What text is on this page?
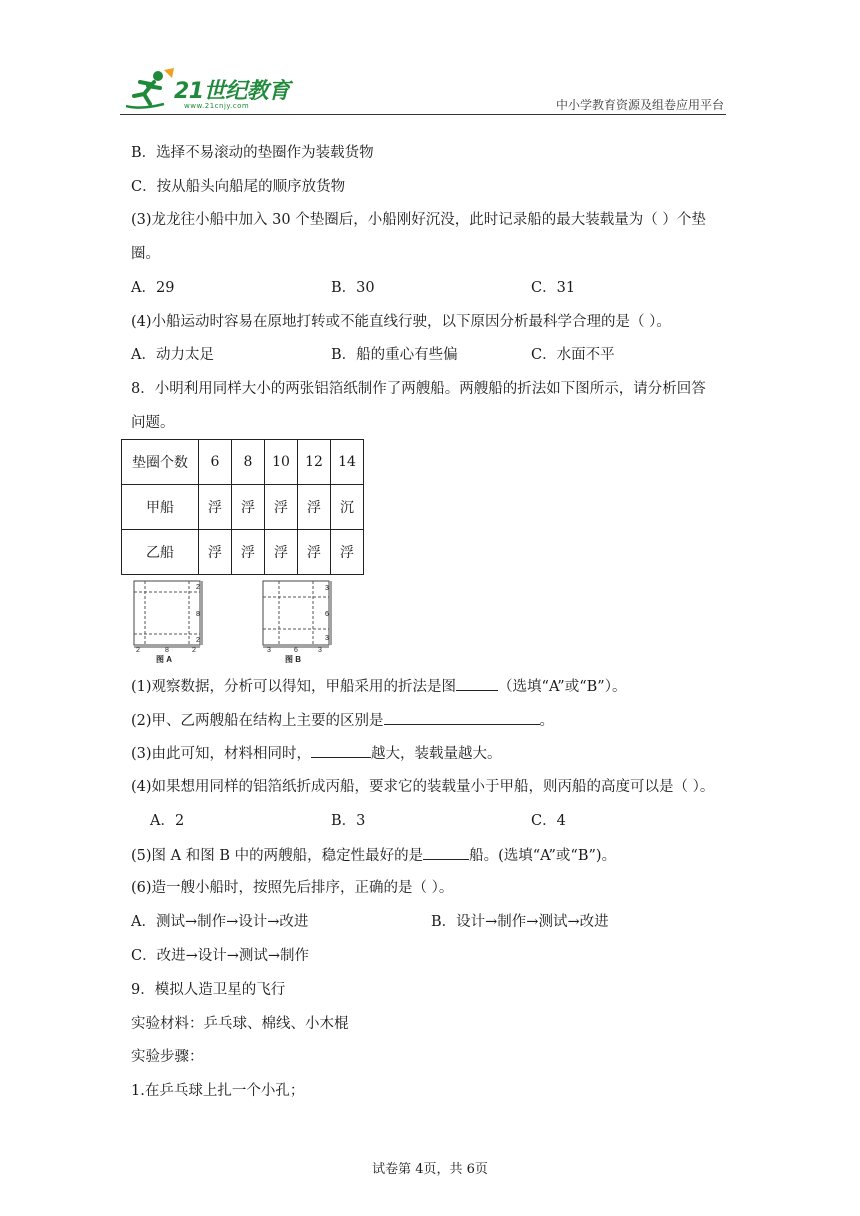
21世纪教育
www.21cnjy.com	中小学教育资源及组卷应用平台
B．选择不易滚动的垫圈作为装载货物
C．按从船头向船尾的顺序放货物
(3)龙龙往小船中加入 30 个垫圈后，小船刚好沉没，此时记录船的最大装载量为（ ）个垫
圈。
A．29	B．30	C．31
(4)小船运动时容易在原地打转或不能直线行驶，以下原因分析最科学合理的是（ ）。
A．动力太足	B．船的重心有些偏	C．水面不平
8．小明利用同样大小的两张铝箔纸制作了两艘船。两艘船的折法如下图所示，请分析回答
问题。
垫圈个数	6	8	10	12	14
甲船	浮	浮	浮	浮	沉
乙船	浮	浮	浮	浮	浮
2
8
2
2	8	2
图 A
3
6
3
3	6	3
图 B
(1)观察数据，分析可以得知，甲船采用的折法是图	（选填“A”或“B”）。
(2)甲、乙两艘船在结构上主要的区别是	。
(3)由此可知，材料相同时，	越大，装载量越大。
(4)如果想用同样的铝箔纸折成丙船，要求它的装载量小于甲船，则丙船的高度可以是（ ）。
A．2	B．3	C．4
(5)图 A 和图 B 中的两艘船，稳定性最好的是	船。(选填“A”或“B”)。
(6)造一艘小船时，按照先后排序，正确的是（ ）。
A．测试→制作→设计→改进	B．设计→制作→测试→改进
C．改进→设计→测试→制作
9．模拟人造卫星的飞行
实验材料：乒乓球、棉线、小木棍
实验步骤：
1.在乒乓球上扎一个小孔；
试卷第 4页，共 6页
